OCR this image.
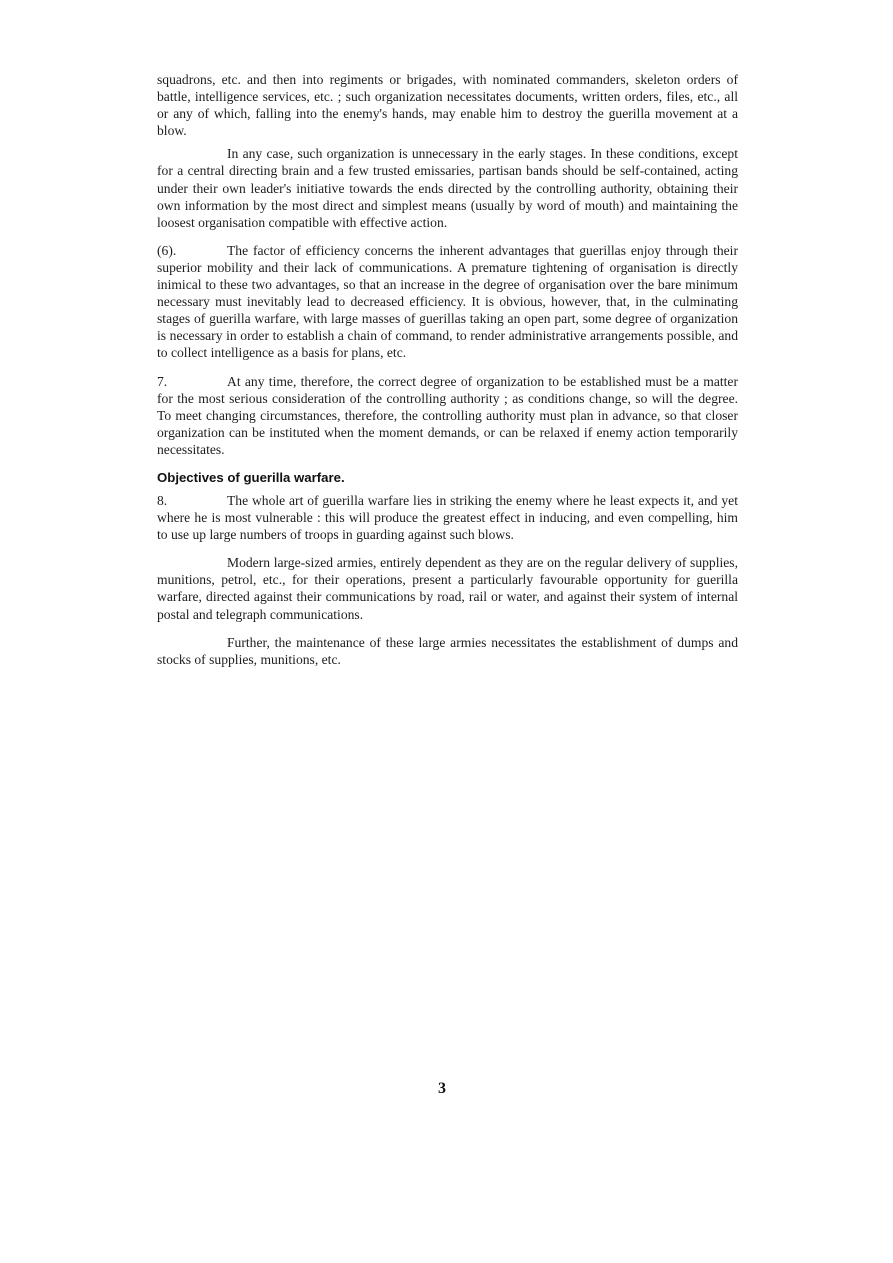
squadrons, etc. and then into regiments or brigades, with nominated commanders, skeleton orders of battle, intelligence services, etc. ; such organization necessitates documents, written orders, files, etc., all or any of which, falling into the enemy's hands, may enable him to destroy the guerilla movement at a blow.

In any case, such organization is unnecessary in the early stages. In these conditions, except for a central directing brain and a few trusted emissaries, partisan bands should be self-contained, acting under their own leader's initiative towards the ends directed by the controlling authority, obtaining their own information by the most direct and simplest means (usually by word of mouth) and maintaining the loosest organisation compatible with effective action.

(6).	The factor of efficiency concerns the inherent advantages that guerillas enjoy through their superior mobility and their lack of communications. A premature tightening of organisation is directly inimical to these two advantages, so that an increase in the degree of organisation over the bare minimum necessary must inevitably lead to decreased efficiency. It is obvious, however, that, in the culminating stages of guerilla warfare, with large masses of guerillas taking an open part, some degree of organization is necessary in order to establish a chain of command, to render administrative arrangements possible, and to collect intelligence as a basis for plans, etc.

7.	At any time, therefore, the correct degree of organization to be established must be a matter for the most serious consideration of the controlling authority ; as conditions change, so will the degree. To meet changing circumstances, therefore, the controlling authority must plan in advance, so that closer organization can be instituted when the moment demands, or can be relaxed if enemy action temporarily necessitates.

Objectives of guerilla warfare.

8.	The whole art of guerilla warfare lies in striking the enemy where he least expects it, and yet where he is most vulnerable : this will produce the greatest effect in inducing, and even compelling, him to use up large numbers of troops in guarding against such blows.

Modern large-sized armies, entirely dependent as they are on the regular delivery of supplies, munitions, petrol, etc., for their operations, present a particularly favourable opportunity for guerilla warfare, directed against their communications by road, rail or water, and against their system of internal postal and telegraph communications.

Further, the maintenance of these large armies necessitates the establishment of dumps and stocks of supplies, munitions, etc.

3
